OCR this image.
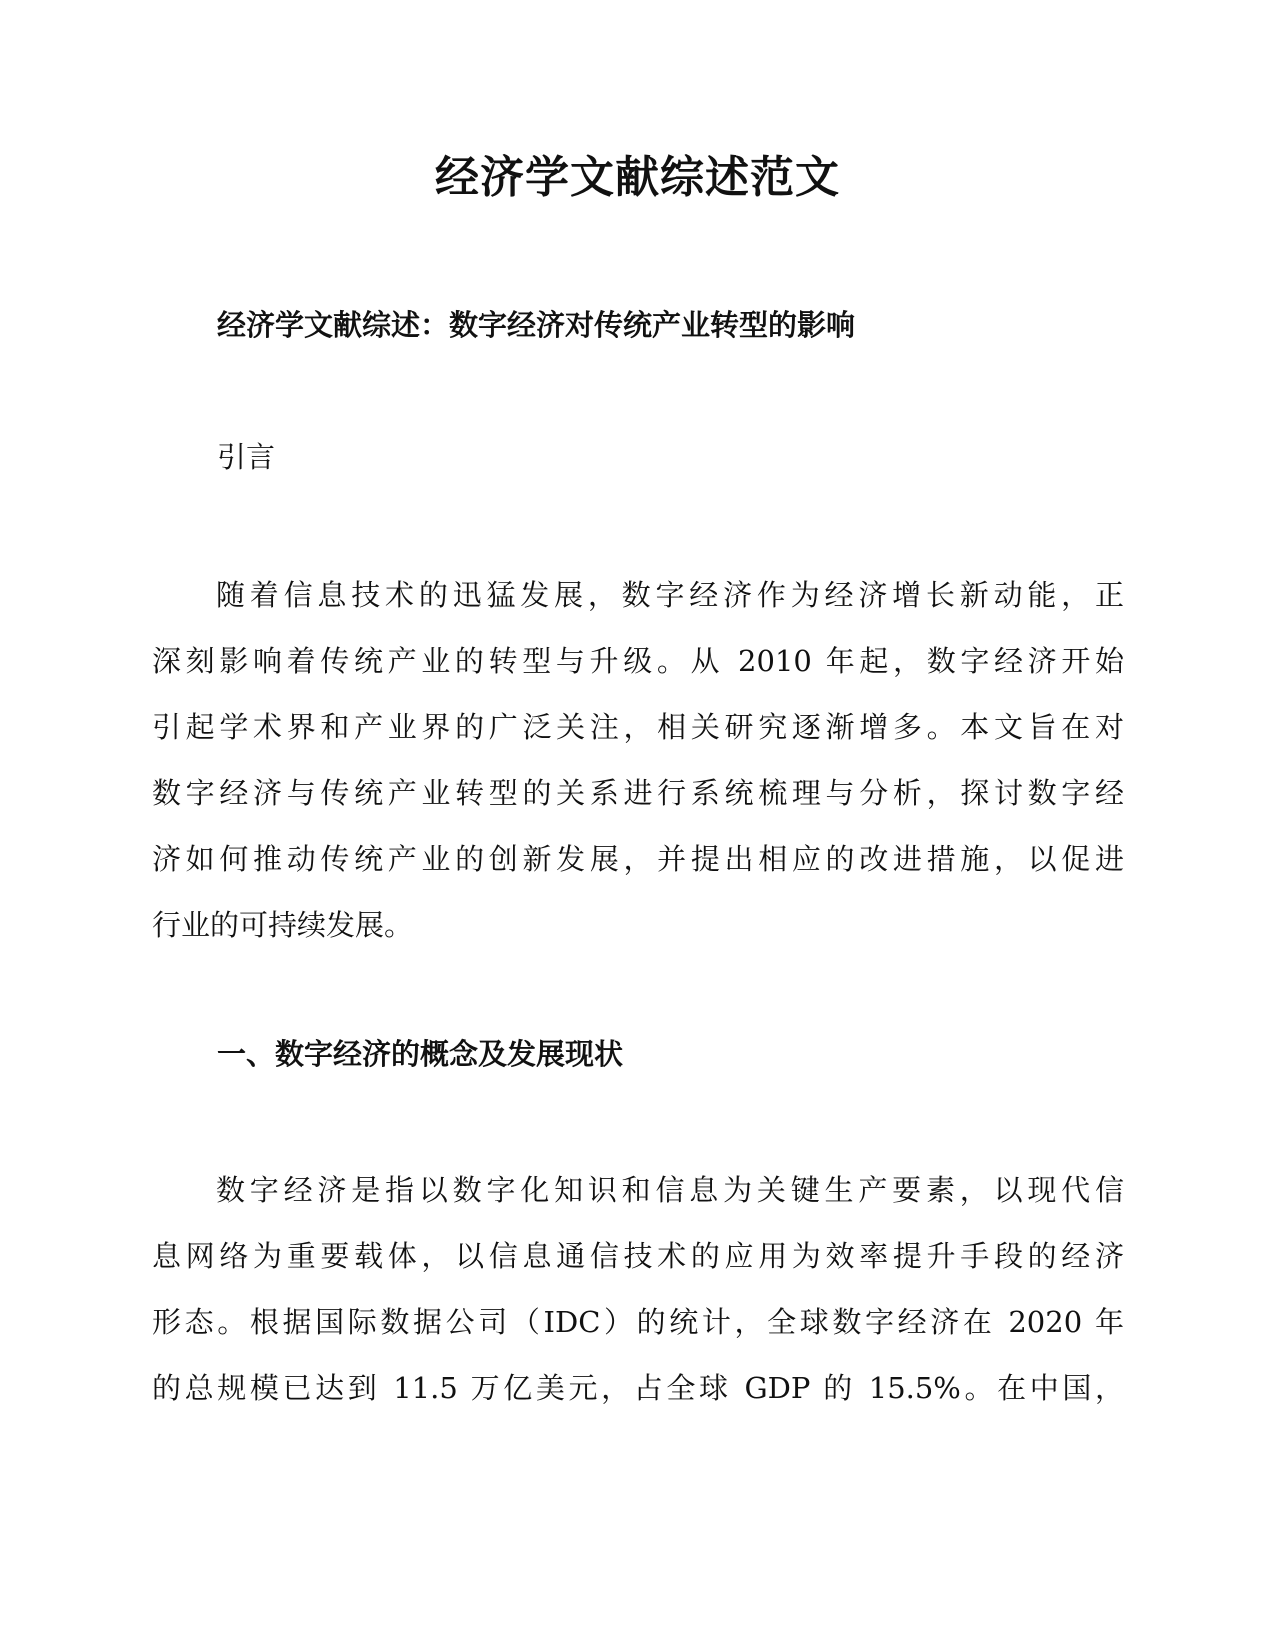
经济学文献综述范文
经济学文献综述：数字经济对传统产业转型的影响
引言
随着信息技术的迅猛发展，数字经济作为经济增长新动能，正
深刻影响着传统产业的转型与升级。从 2010 年起，数字经济开始
引起学术界和产业界的广泛关注，相关研究逐渐增多。本文旨在对
数字经济与传统产业转型的关系进行系统梳理与分析，探讨数字经
济如何推动传统产业的创新发展，并提出相应的改进措施，以促进
行业的可持续发展。
一、数字经济的概念及发展现状
数字经济是指以数字化知识和信息为关键生产要素，以现代信
息网络为重要载体，以信息通信技术的应用为效率提升手段的经济
形态。根据国际数据公司（IDC）的统计，全球数字经济在 2020 年
的总规模已达到 11.5 万亿美元，占全球 GDP 的 15.5%。在中国，
